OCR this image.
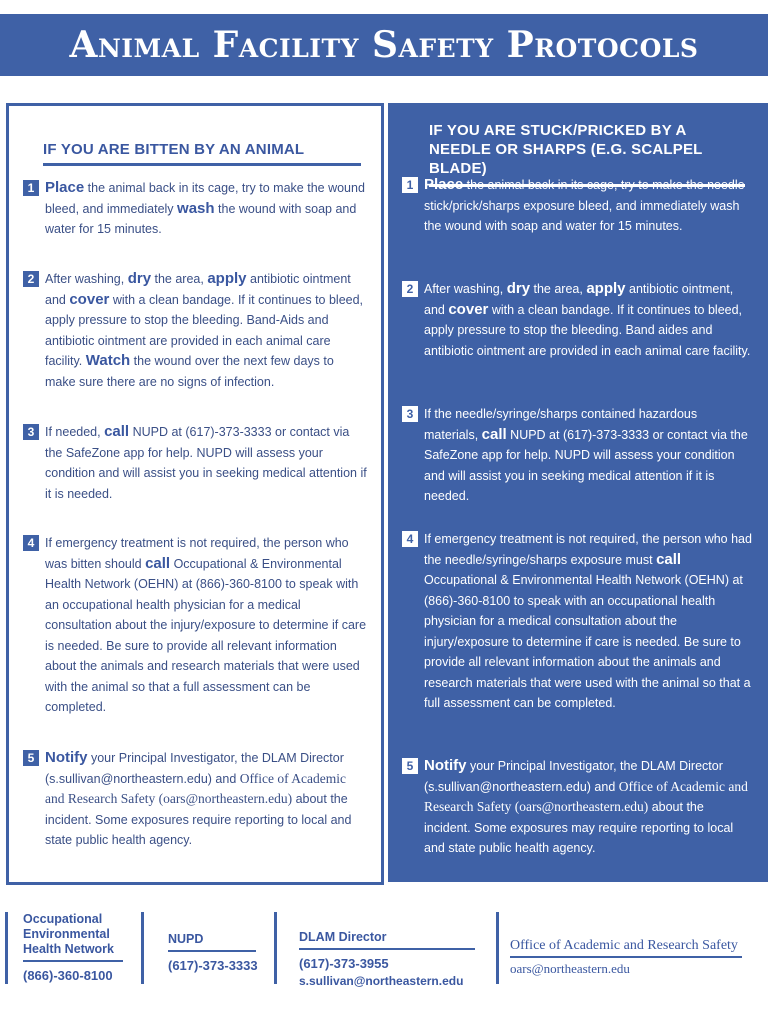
Animal Facility Safety Protocols
IF YOU ARE BITTEN BY AN ANIMAL
1 Place the animal back in its cage, try to make the wound bleed, and immediately wash the wound with soap and water for 15 minutes.
2 After washing, dry the area, apply antibiotic ointment and cover with a clean bandage. If it continues to bleed, apply pressure to stop the bleeding. Band-Aids and antibiotic ointment are provided in each animal care facility. Watch the wound over the next few days to make sure there are no signs of infection.
3 If needed, call NUPD at (617)-373-3333 or contact via the SafeZone app for help. NUPD will assess your condition and will assist you in seeking medical attention if it is needed.
4 If emergency treatment is not required, the person who was bitten should call Occupational & Environmental Health Network (OEHN) at (866)-360-8100 to speak with an occupational health physician for a medical consultation about the injury/exposure to determine if care is needed. Be sure to provide all relevant information about the animals and research materials that were used with the animal so that a full assessment can be completed.
5 Notify your Principal Investigator, the DLAM Director (s.sullivan@northeastern.edu) and Office of Academic and Research Safety (oars@northeastern.edu) about the incident. Some exposures require reporting to local and state public health agency.
IF YOU ARE STUCK/PRICKED BY A NEEDLE OR SHARPS (E.G. SCALPEL BLADE)
1 Place the animal back in its cage, try to make the needle stick/prick/sharps exposure bleed, and immediately wash the wound with soap and water for 15 minutes.
2 After washing, dry the area, apply antibiotic ointment, and cover with a clean bandage. If it continues to bleed, apply pressure to stop the bleeding. Band aides and antibiotic ointment are provided in each animal care facility.
3 If the needle/syringe/sharps contained hazardous materials, call NUPD at (617)-373-3333 or contact via the SafeZone app for help. NUPD will assess your condition and will assist you in seeking medical attention if it is needed.
4 If emergency treatment is not required, the person who had the needle/syringe/sharps exposure must call Occupational & Environmental Health Network (OEHN) at (866)-360-8100 to speak with an occupational health physician for a medical consultation about the injury/exposure to determine if care is needed. Be sure to provide all relevant information about the animals and research materials that were used with the animal so that a full assessment can be completed.
5 Notify your Principal Investigator, the DLAM Director (s.sullivan@northeastern.edu) and Office of Academic and Research Safety (oars@northeastern.edu) about the incident. Some exposures may require reporting to local and state public health agency.
Occupational Environmental Health Network
(866)-360-8100
NUPD
(617)-373-3333
DLAM Director
(617)-373-3955
s.sullivan@northeastern.edu
Office of Academic and Research Safety
oars@northeastern.edu
